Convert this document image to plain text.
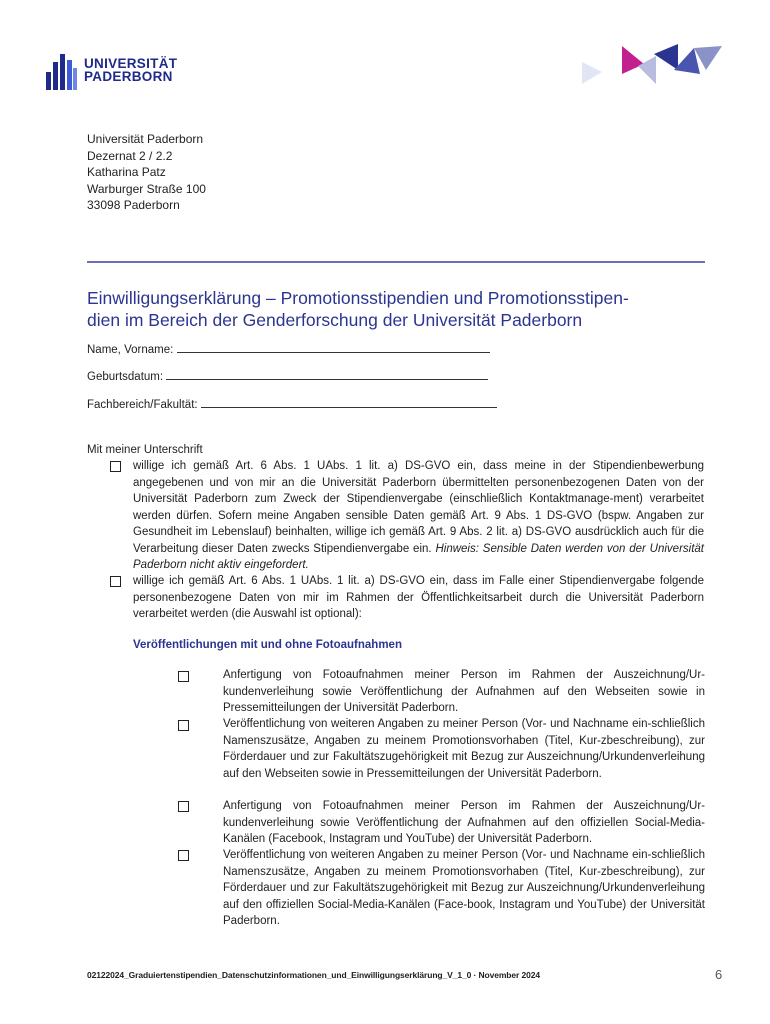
UNIVERSITÄT
PADERBORN
Universität Paderborn
Dezernat 2 / 2.2
Katharina Patz
Warburger Straße 100
33098 Paderborn
Einwilligungserklärung – Promotionsstipendien und Promotionsstipen-
dien im Bereich der Genderforschung der Universität Paderborn
Name, Vorname:
Geburtsdatum:
Fachbereich/Fakultät:
Mit meiner Unterschrift
willige ich gemäß Art. 6 Abs. 1 UAbs. 1 lit. a) DS-GVO ein, dass meine in der Stipendienbewerbung angegebenen und von mir an die Universität Paderborn übermittelten personenbezogenen Daten von der Universität Paderborn zum Zweck der Stipendienvergabe (einschließlich Kontaktmanage-ment) verarbeitet werden dürfen. Sofern meine Angaben sensible Daten gemäß Art. 9 Abs. 1 DS-GVO (bspw. Angaben zur Gesundheit im Lebenslauf) beinhalten, willige ich gemäß Art. 9 Abs. 2 lit. a) DS-GVO ausdrücklich auch für die Verarbeitung dieser Daten zwecks Stipendienvergabe ein. Hinweis: Sensible Daten werden von der Universität Paderborn nicht aktiv eingefordert.
willige ich gemäß Art. 6 Abs. 1 UAbs. 1 lit. a) DS-GVO ein, dass im Falle einer Stipendienvergabe folgende personenbezogene Daten von mir im Rahmen der Öffentlichkeitsarbeit durch die Universität Paderborn verarbeitet werden (die Auswahl ist optional):
Veröffentlichungen mit und ohne Fotoaufnahmen
Anfertigung von Fotoaufnahmen meiner Person im Rahmen der Auszeichnung/Ur-kundenverleihung sowie Veröffentlichung der Aufnahmen auf den Webseiten sowie in Pressemitteilungen der Universität Paderborn.
Veröffentlichung von weiteren Angaben zu meiner Person (Vor- und Nachname ein-schließlich Namenszusätze, Angaben zu meinem Promotionsvorhaben (Titel, Kur-zbeschreibung), zur Förderdauer und zur Fakultätszugehörigkeit mit Bezug zur Auszeichnung/Urkundenverleihung auf den Webseiten sowie in Pressemitteilungen der Universität Paderborn.
Anfertigung von Fotoaufnahmen meiner Person im Rahmen der Auszeichnung/Ur-kundenverleihung sowie Veröffentlichung der Aufnahmen auf den offiziellen Social-Media-Kanälen (Facebook, Instagram und YouTube) der Universität Paderborn.
Veröffentlichung von weiteren Angaben zu meiner Person (Vor- und Nachname ein-schließlich Namenszusätze, Angaben zu meinem Promotionsvorhaben (Titel, Kur-zbeschreibung), zur Förderdauer und zur Fakultätszugehörigkeit mit Bezug zur Auszeichnung/Urkundenverleihung auf den offiziellen Social-Media-Kanälen (Face-book, Instagram und YouTube) der Universität Paderborn.
02122024_Graduiertenstipendien_Datenschutzinformationen_und_Einwilligungserklärung_V_1_0 · November 2024	6
